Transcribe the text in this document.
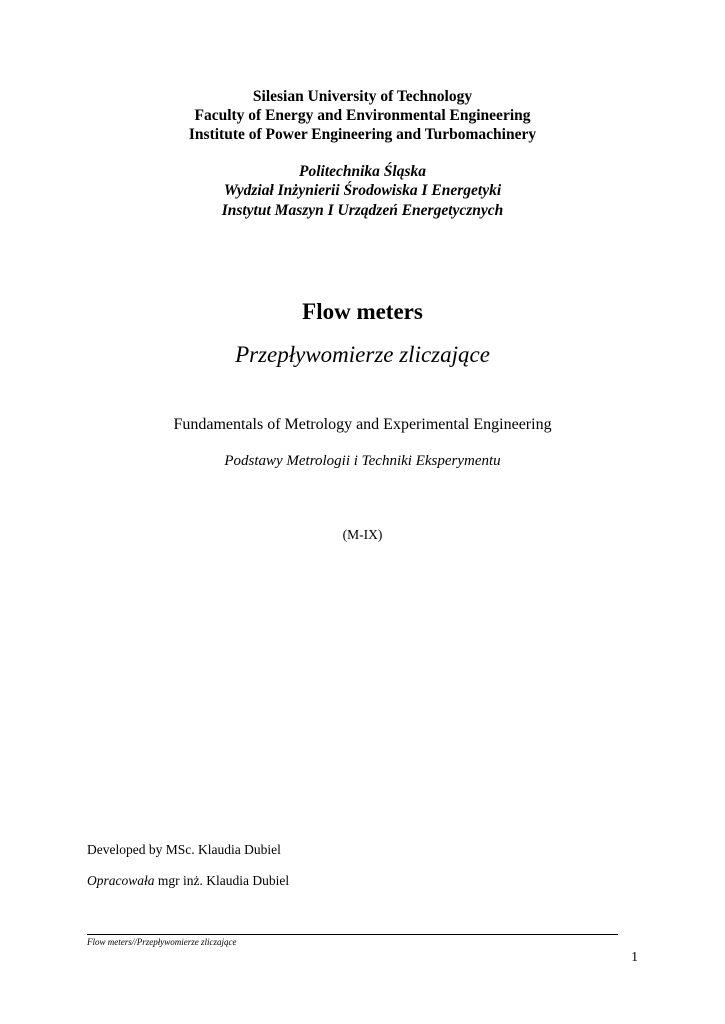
Silesian University of Technology
Faculty of Energy and Environmental Engineering
Institute of Power Engineering and Turbomachinery
Politechnika Śląska
Wydział Inżynierii Środowiska I Energetyki
Instytut Maszyn I Urządzeń Energetycznych
Flow meters
Przepływomierze zliczające
Fundamentals of Metrology and Experimental Engineering
Podstawy Metrologii i Techniki Eksperymentu
(M-IX)
Developed by MSc. Klaudia Dubiel
Opracowała mgr inż. Klaudia Dubiel
Flow meters//Przepływomierze zliczające
1
